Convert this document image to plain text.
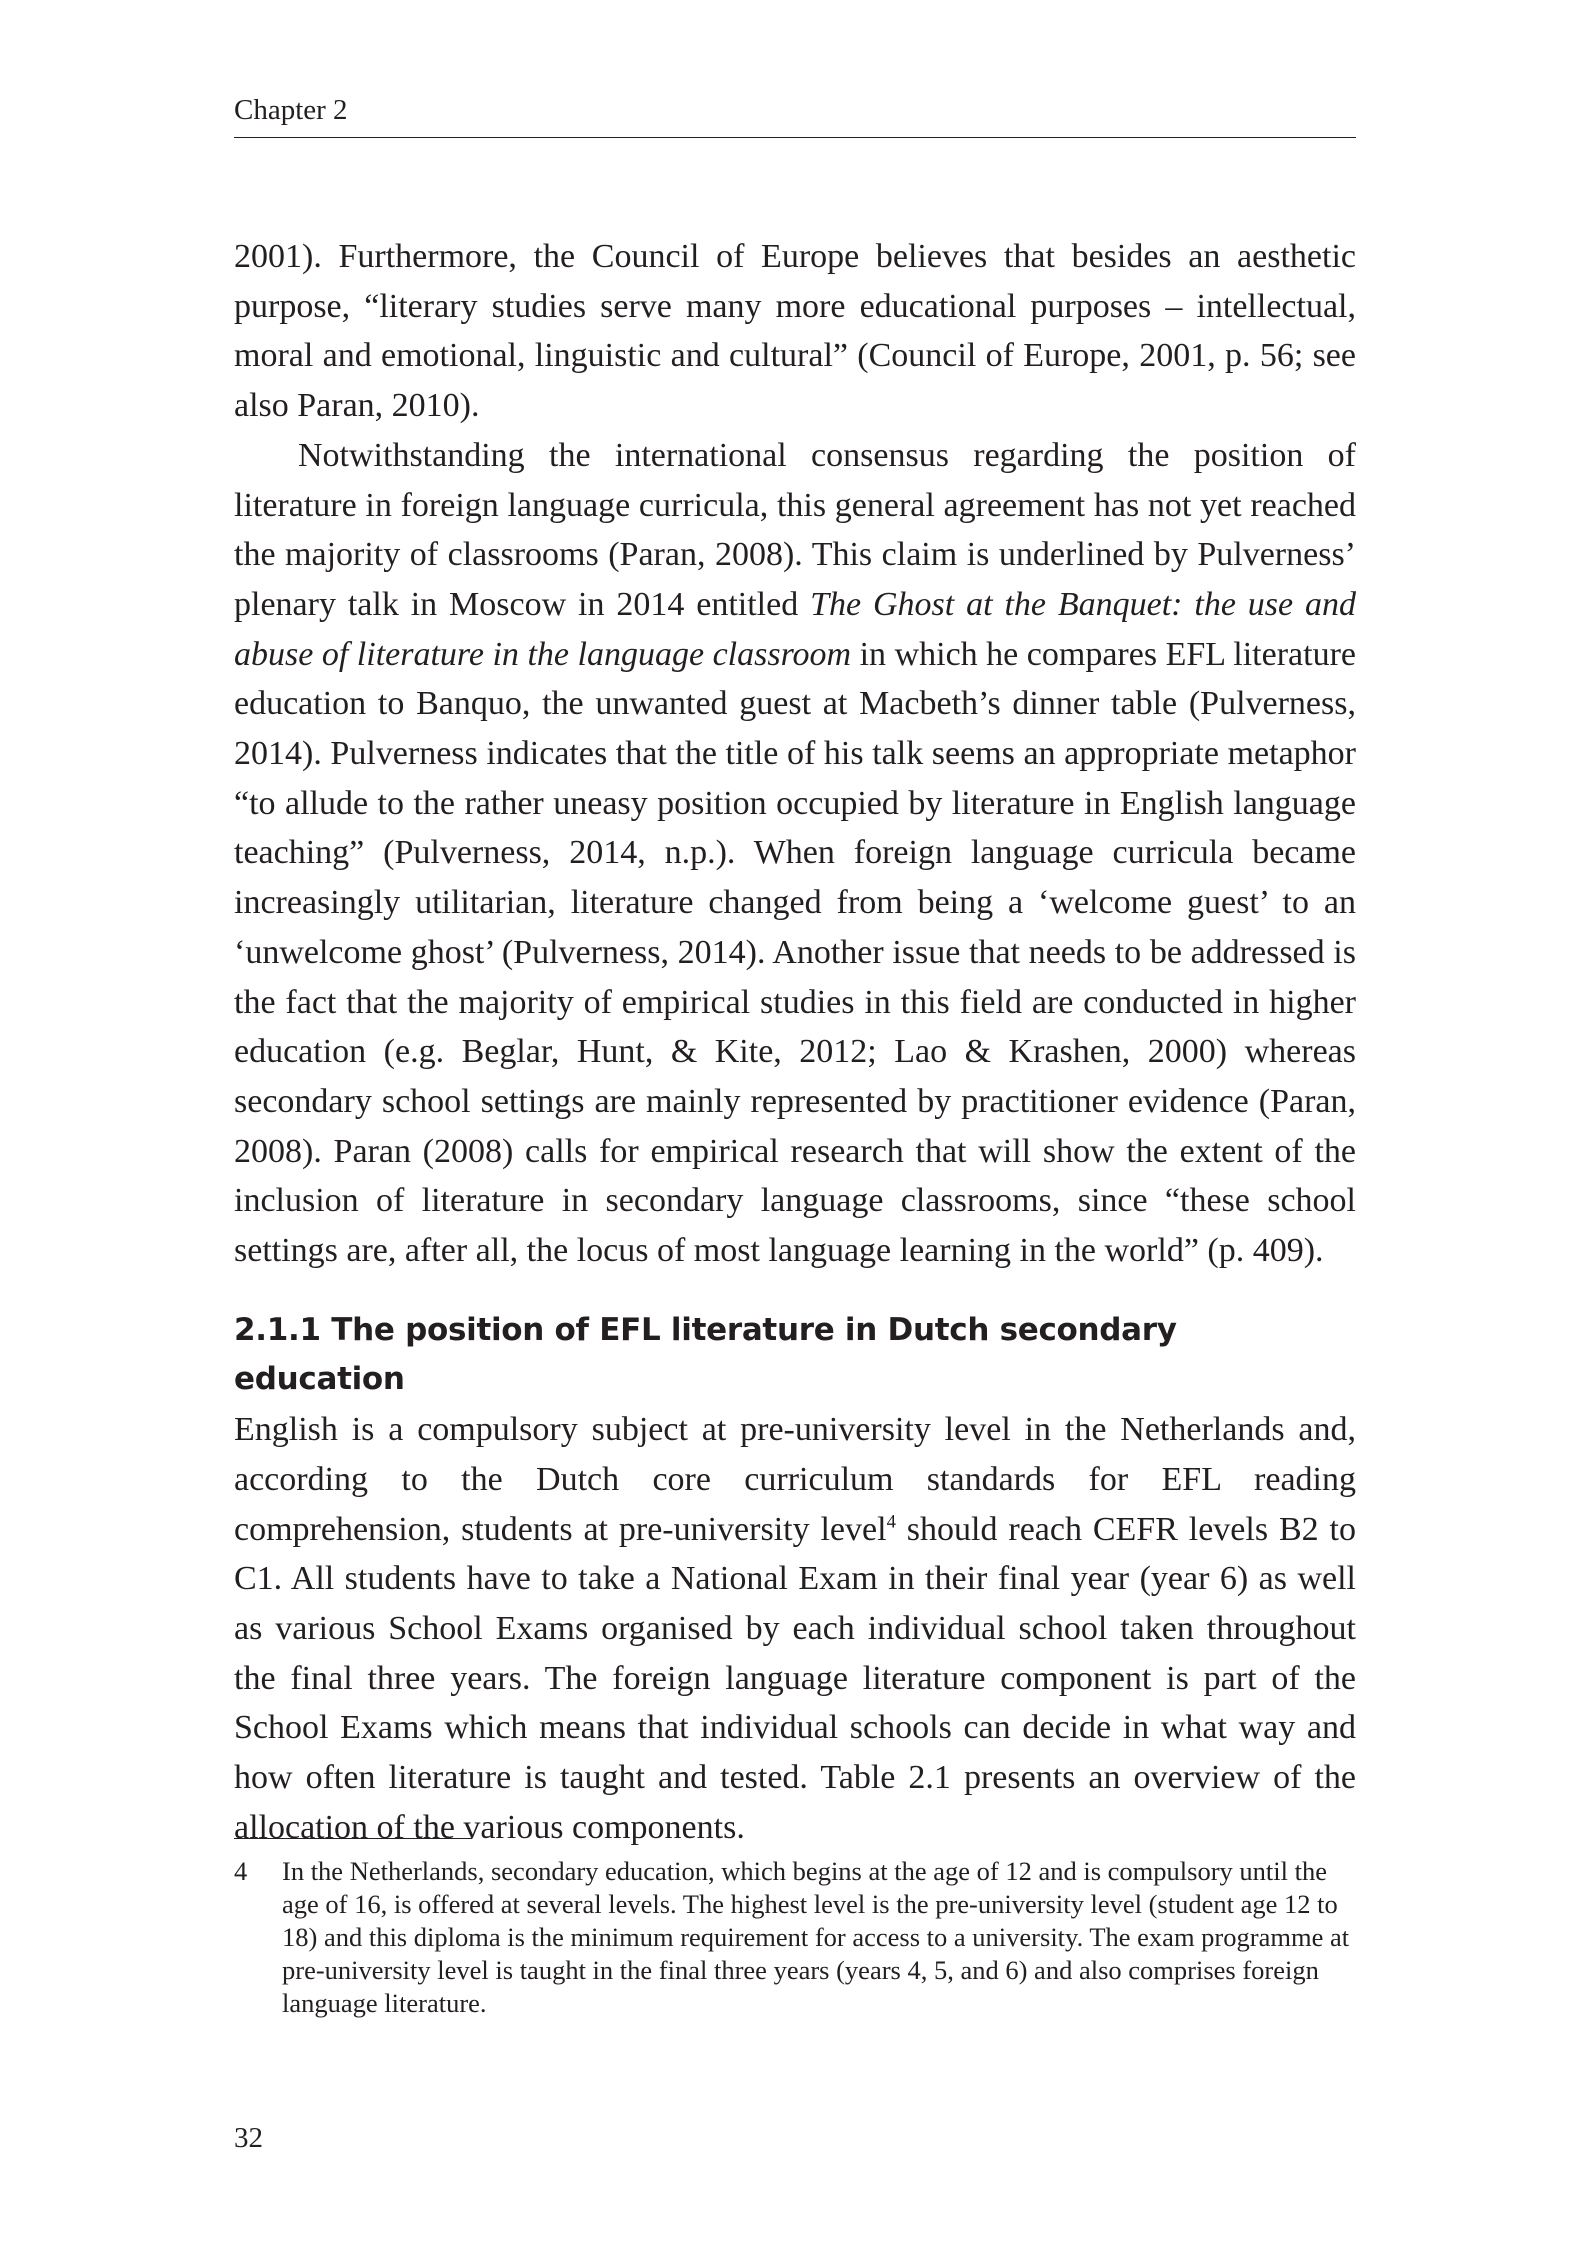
Chapter 2

2001). Furthermore, the Council of Europe believes that besides an aesthetic purpose, “literary studies serve many more educational purposes – intellectual, moral and emotional, linguistic and cultural” (Council of Europe, 2001, p. 56; see also Paran, 2010).

Notwithstanding the international consensus regarding the position of literature in foreign language curricula, this general agreement has not yet reached the majority of classrooms (Paran, 2008). This claim is underlined by Pulverness’ plenary talk in Moscow in 2014 entitled The Ghost at the Banquet: the use and abuse of literature in the language classroom in which he compares EFL literature education to Banquo, the unwanted guest at Macbeth’s dinner table (Pulverness, 2014). Pulverness indicates that the title of his talk seems an appropriate metaphor “to allude to the rather uneasy position occupied by literature in English language teaching” (Pulverness, 2014, n.p.). When foreign language curricula became increasingly utilitarian, literature changed from being a ‘welcome guest’ to an ‘unwelcome ghost’ (Pulverness, 2014). Another issue that needs to be addressed is the fact that the majority of empirical studies in this field are conducted in higher education (e.g. Beglar, Hunt, & Kite, 2012; Lao & Krashen, 2000) whereas secondary school settings are mainly represented by practitioner evidence (Paran, 2008). Paran (2008) calls for empirical research that will show the extent of the inclusion of literature in secondary language classrooms, since “these school settings are, after all, the locus of most language learning in the world” (p. 409).

2.1.1 The position of EFL literature in Dutch secondary education

English is a compulsory subject at pre-university level in the Netherlands and, according to the Dutch core curriculum standards for EFL reading comprehension, students at pre-university level$^4$ should reach CEFR levels B2 to C1. All students have to take a National Exam in their final year (year 6) as well as various School Exams organised by each individual school taken throughout the final three years. The foreign language literature component is part of the School Exams which means that individual schools can decide in what way and how often literature is taught and tested. Table 2.1 presents an overview of the allocation of the various components.

4	In the Netherlands, secondary education, which begins at the age of 12 and is compulsory until the age of 16, is offered at several levels. The highest level is the pre-university level (student age 12 to 18) and this diploma is the minimum requirement for access to a university. The exam programme at pre-university level is taught in the final three years (years 4, 5, and 6) and also comprises foreign language literature.
32
